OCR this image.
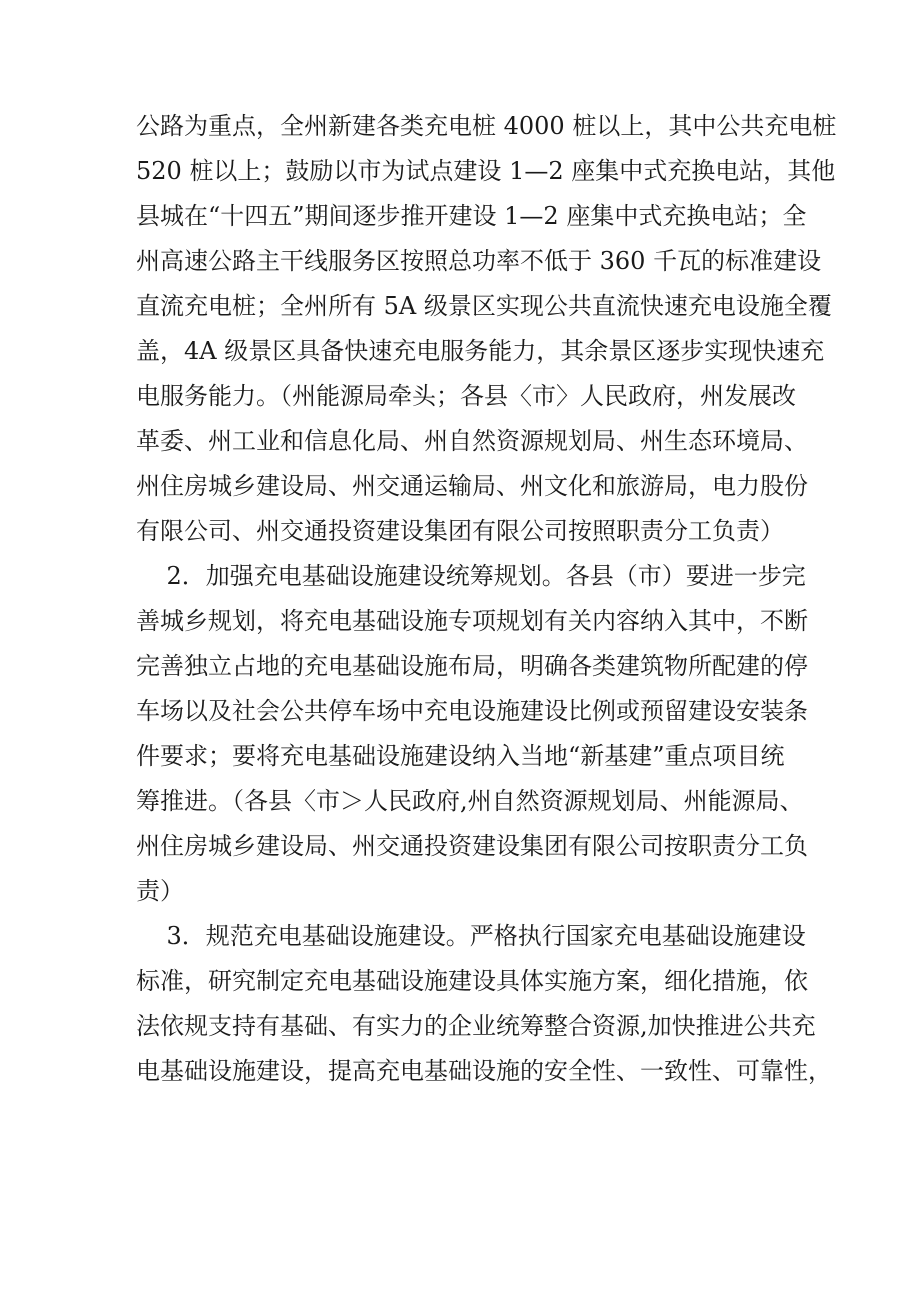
公路为重点，全州新建各类充电桩 4000 桩以上，其中公共充电桩
520 桩以上；鼓励以市为试点建设 1—2 座集中式充换电站，其他
县城在“十四五”期间逐步推开建设 1—2 座集中式充换电站；全
州高速公路主干线服务区按照总功率不低于 360 千瓦的标准建设
直流充电桩；全州所有 5A 级景区实现公共直流快速充电设施全覆
盖，4A 级景区具备快速充电服务能力，其余景区逐步实现快速充
电服务能力。（州能源局牵头；各县〈市〉人民政府，州发展改
革委、州工业和信息化局、州自然资源规划局、州生态环境局、
州住房城乡建设局、州交通运输局、州文化和旅游局，电力股份
有限公司、州交通投资建设集团有限公司按照职责分工负责）
2．加强充电基础设施建设统筹规划。各县（市）要进一步完
善城乡规划，将充电基础设施专项规划有关内容纳入其中，不断
完善独立占地的充电基础设施布局，明确各类建筑物所配建的停
车场以及社会公共停车场中充电设施建设比例或预留建设安装条
件要求；要将充电基础设施建设纳入当地“新基建”重点项目统
筹推进。（各县〈市＞人民政府,州自然资源规划局、州能源局、
州住房城乡建设局、州交通投资建设集团有限公司按职责分工负
责）
3．规范充电基础设施建设。严格执行国家充电基础设施建设
标准，研究制定充电基础设施建设具体实施方案，细化措施，依
法依规支持有基础、有实力的企业统筹整合资源,加快推进公共充
电基础设施建设，提高充电基础设施的安全性、一致性、可靠性，
